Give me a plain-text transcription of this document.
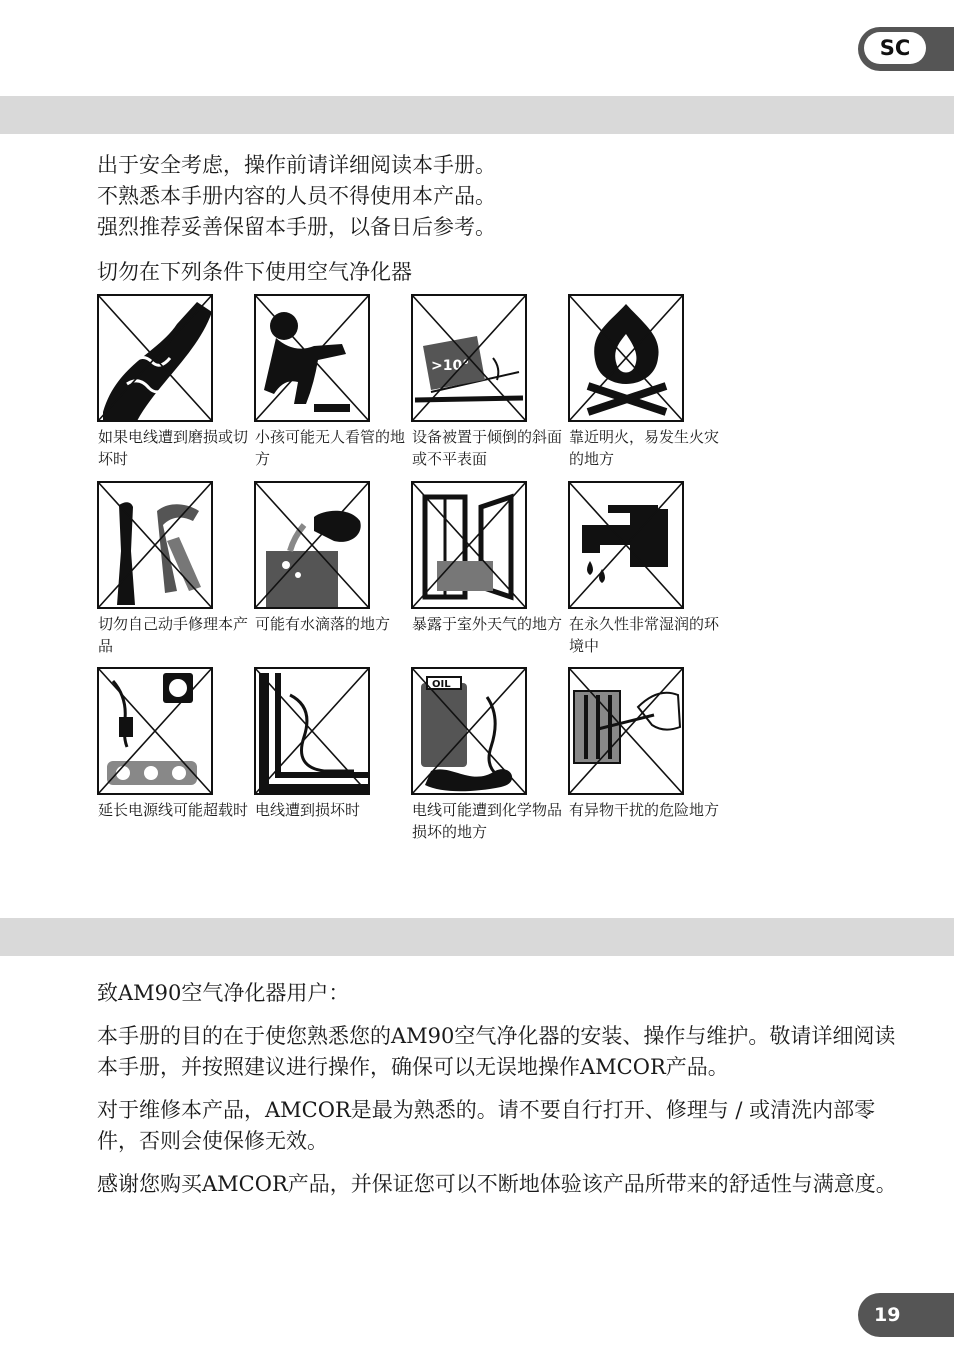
SC

出于安全考虑，操作前请详细阅读本手册。

不熟悉本手册内容的人员不得使用本产品。

强烈推荐妥善保留本手册，以备日后参考。

切勿在下列条件下使用空气净化器

如果电线遭到磨损或切坏时
小孩可能无人看管的地方
>10°
设备被置于倾倒的斜面或不平表面
靠近明火，易发生火灾的地方
切勿自己动手修理本产品
可能有水滴落的地方	暴露于室外天气的地方 在永久性非常湿润的环境中
延长电源线可能超载时 电线遭到损坏时
OIL
电线可能遭到化学物品损坏的地方
有异物干扰的危险地方

致AM90空气净化器用户：

本手册的目的在于使您熟悉您的AM90空气净化器的安装、操作与维护。敬请详细阅读本手册，并按照建议进行操作，确保可以无误地操作AMCOR产品。

对于维修本产品，AMCOR是最为熟悉的。请不要自行打开、修理与 / 或清洗内部零件，否则会使保修无效。

感谢您购买AMCOR产品，并保证您可以不断地体验该产品所带来的舒适性与满意度。

19
